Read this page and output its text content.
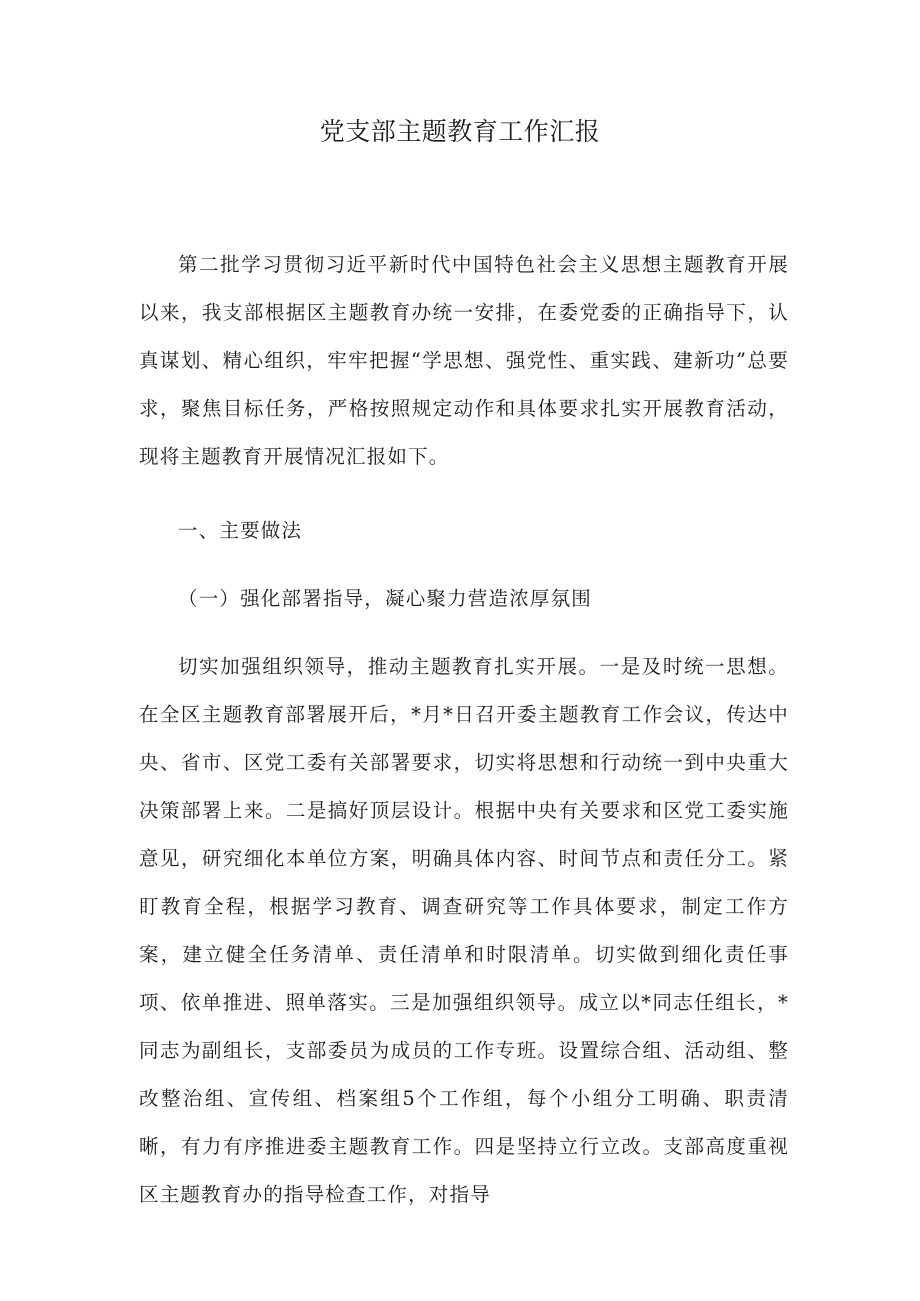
党支部主题教育工作汇报

第二批学习贯彻习近平新时代中国特色社会主义思想主题教育开展以来，我支部根据区主题教育办统一安排，在委党委的正确指导下，认真谋划、精心组织，牢牢把握“学思想、强党性、重实践、建新功”总要求，聚焦目标任务，严格按照规定动作和具体要求扎实开展教育活动，现将主题教育开展情况汇报如下。

一、主要做法

（一）强化部署指导，凝心聚力营造浓厚氛围

切实加强组织领导，推动主题教育扎实开展。一是及时统一思想。在全区主题教育部署展开后，*月*日召开委主题教育工作会议，传达中央、省市、区党工委有关部署要求，切实将思想和行动统一到中央重大决策部署上来。二是搞好顶层设计。根据中央有关要求和区党工委实施意见，研究细化本单位方案，明确具体内容、时间节点和责任分工。紧盯教育全程，根据学习教育、调查研究等工作具体要求，制定工作方案，建立健全任务清单、责任清单和时限清单。切实做到细化责任事项、依单推进、照单落实。三是加强组织领导。成立以*同志任组长，*同志为副组长，支部委员为成员的工作专班。设置综合组、活动组、整改整治组、宣传组、档案组5个工作组，每个小组分工明确、职责清晰，有力有序推进委主题教育工作。四是坚持立行立改。支部高度重视区主题教育办的指导检查工作，对指导
